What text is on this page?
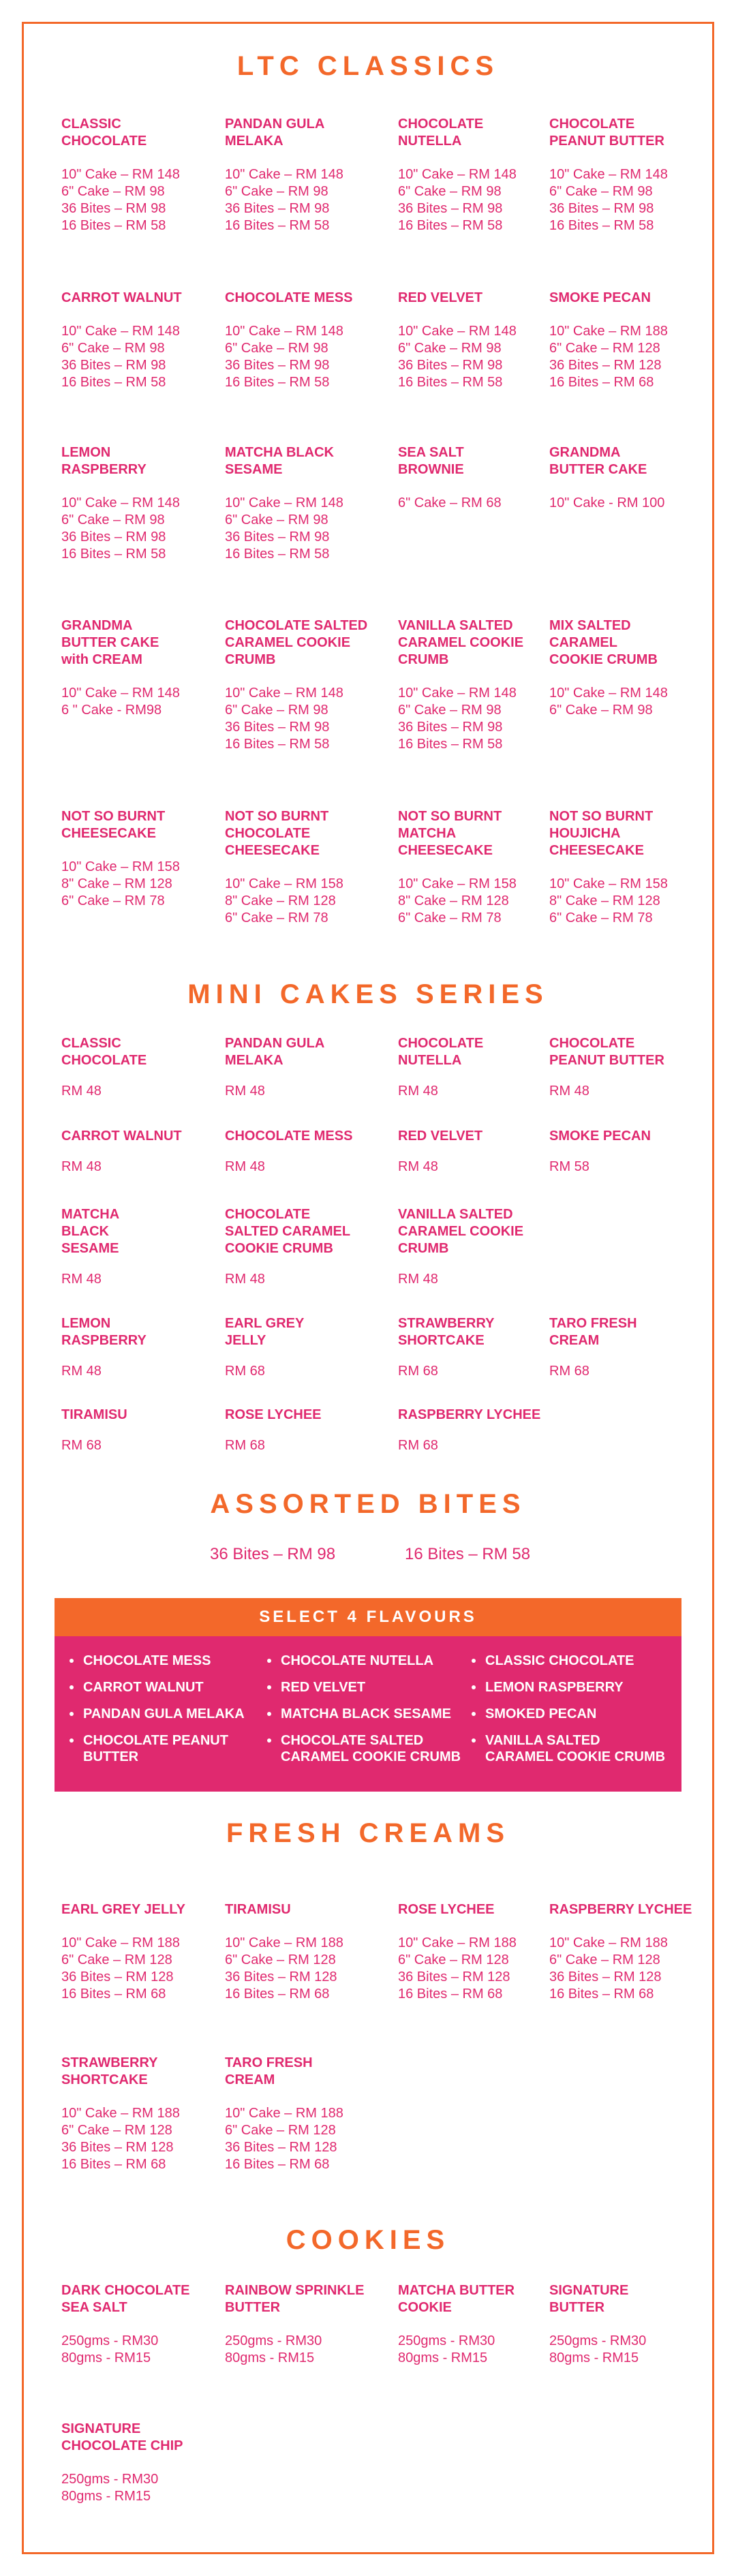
LTC CLASSICS
CLASSIC
CHOCOLATE
10" Cake – RM 148
6" Cake – RM 98
36 Bites – RM 98
16 Bites – RM 58
PANDAN GULA
MELAKA
10" Cake – RM 148
6" Cake – RM 98
36 Bites – RM 98
16 Bites – RM 58
CHOCOLATE
NUTELLA
10" Cake – RM 148
6" Cake – RM 98
36 Bites – RM 98
16 Bites – RM 58
CHOCOLATE
PEANUT BUTTER
10" Cake – RM 148
6" Cake – RM 98
36 Bites – RM 98
16 Bites – RM 58
CARROT WALNUT
10" Cake – RM 148
6" Cake – RM 98
36 Bites – RM 98
16 Bites – RM 58
CHOCOLATE MESS
10" Cake – RM 148
6" Cake – RM 98
36 Bites – RM 98
16 Bites – RM 58
RED VELVET
10" Cake – RM 148
6" Cake – RM 98
36 Bites – RM 98
16 Bites – RM 58
SMOKE PECAN
10" Cake – RM 188
6" Cake – RM 128
36 Bites – RM 128
16 Bites – RM 68
LEMON
RASPBERRY
10" Cake – RM 148
6" Cake – RM 98
36 Bites – RM 98
16 Bites – RM 58
MATCHA BLACK
SESAME
10" Cake – RM 148
6" Cake – RM 98
36 Bites – RM 98
16 Bites – RM 58
SEA SALT
BROWNIE
6" Cake – RM 68
GRANDMA
BUTTER CAKE
10" Cake - RM 100
GRANDMA
BUTTER CAKE
with CREAM
10" Cake – RM 148
6 " Cake - RM98
CHOCOLATE SALTED
CARAMEL COOKIE
CRUMB
10" Cake – RM 148
6" Cake – RM 98
36 Bites – RM 98
16 Bites – RM 58
VANILLA SALTED
CARAMEL COOKIE
CRUMB
10" Cake – RM 148
6" Cake – RM 98
36 Bites – RM 98
16 Bites – RM 58
MIX SALTED
CARAMEL
COOKIE CRUMB
10" Cake – RM 148
6" Cake – RM 98
NOT SO BURNT
CHEESECAKE
10" Cake – RM 158
8" Cake – RM 128
6" Cake – RM 78
NOT SO BURNT
CHOCOLATE
CHEESECAKE
10" Cake – RM 158
8" Cake – RM 128
6" Cake – RM 78
NOT SO BURNT
MATCHA
CHEESECAKE
10" Cake – RM 158
8" Cake – RM 128
6" Cake – RM 78
NOT SO BURNT
HOUJICHA
CHEESECAKE
10" Cake – RM 158
8" Cake – RM 128
6" Cake – RM 78
MINI CAKES SERIES
CLASSIC
CHOCOLATE
RM 48
PANDAN GULA
MELAKA
RM 48
CHOCOLATE
NUTELLA
RM 48
CHOCOLATE
PEANUT BUTTER
RM 48
CARROT WALNUT
RM 48
CHOCOLATE MESS
RM 48
RED VELVET
RM 48
SMOKE PECAN
RM 58
MATCHA
BLACK
SESAME
RM 48
CHOCOLATE
SALTED CARAMEL
COOKIE CRUMB
RM 48
VANILLA SALTED
CARAMEL COOKIE
CRUMB
RM 48
LEMON
RASPBERRY
RM 48
EARL GREY
JELLY
RM 68
STRAWBERRY
SHORTCAKE
RM 68
TARO FRESH
CREAM
RM 68
TIRAMISU
RM 68
ROSE LYCHEE
RM 68
RASPBERRY LYCHEE
RM 68
ASSORTED BITES
36 Bites – RM 98	16 Bites – RM 58
SELECT 4 FLAVOURS
CHOCOLATE MESS	CHOCOLATE NUTELLA	CLASSIC CHOCOLATE
CARROT WALNUT	RED VELVET	LEMON RASPBERRY
PANDAN GULA MELAKA	MATCHA BLACK SESAME	SMOKED PECAN
CHOCOLATE PEANUT
BUTTER
CHOCOLATE SALTED
CARAMEL COOKIE CRUMB
VANILLA SALTED
CARAMEL COOKIE CRUMB
FRESH CREAMS
EARL GREY JELLY
10" Cake – RM 188
6" Cake – RM 128
36 Bites – RM 128
16 Bites – RM 68
TIRAMISU
10" Cake – RM 188
6" Cake – RM 128
36 Bites – RM 128
16 Bites – RM 68
ROSE LYCHEE
10" Cake – RM 188
6" Cake – RM 128
36 Bites – RM 128
16 Bites – RM 68
RASPBERRY LYCHEE
10" Cake – RM 188
6" Cake – RM 128
36 Bites – RM 128
16 Bites – RM 68
STRAWBERRY
SHORTCAKE
10" Cake – RM 188
6" Cake – RM 128
36 Bites – RM 128
16 Bites – RM 68
TARO FRESH
CREAM
10" Cake – RM 188
6" Cake – RM 128
36 Bites – RM 128
16 Bites – RM 68
COOKIES
DARK CHOCOLATE
SEA SALT
250gms - RM30
80gms - RM15
RAINBOW SPRINKLE
BUTTER
250gms - RM30
80gms - RM15
MATCHA BUTTER
COOKIE
250gms - RM30
80gms - RM15
SIGNATURE
BUTTER
250gms - RM30
80gms - RM15
SIGNATURE
CHOCOLATE CHIP
250gms - RM30
80gms - RM15
